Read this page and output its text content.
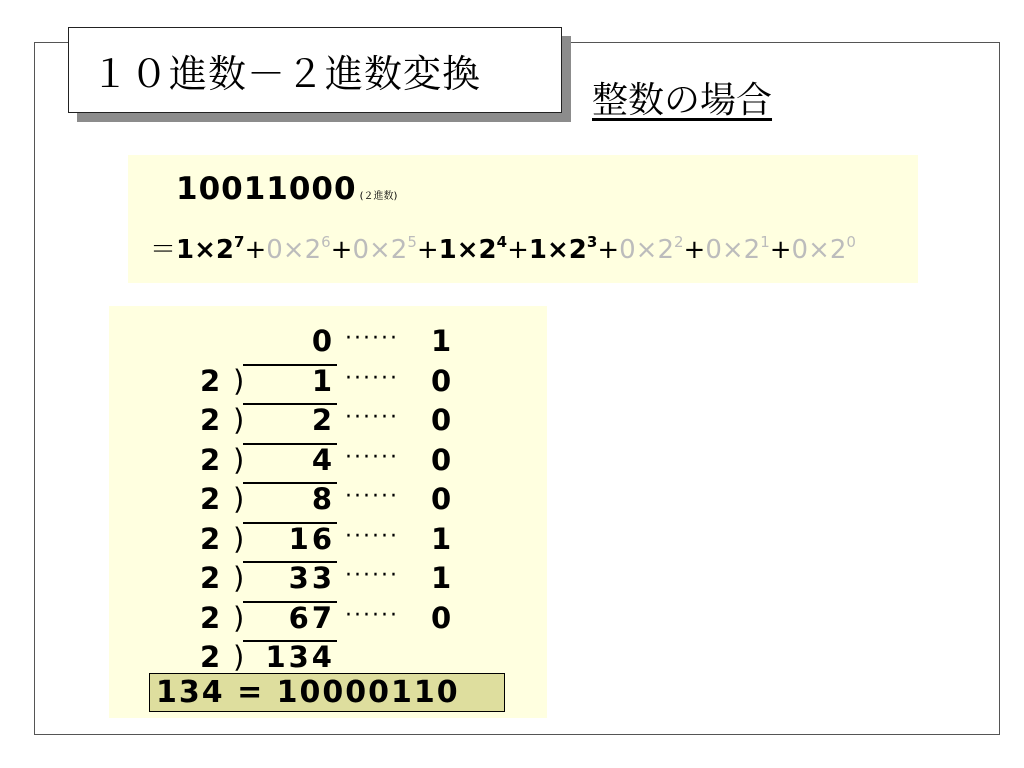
１０進数－２進数変換
整数の場合
10011000 (２進数)
$=1\times 2^7+0\times 2^6+0\times 2^5+1\times 2^4+1\times 2^3+0\times 2^2+0\times 2^1+0\times 2^0$
134 = 10000110
0 ······ 1
2 )	1 ······ 0
2 )	2 ······ 0
2 )	4 ······ 0
2 )	8 ······ 0
2 )	16 ······ 1
2 )	33 ······ 1
2 )	67 ······ 0
2 ) 134
